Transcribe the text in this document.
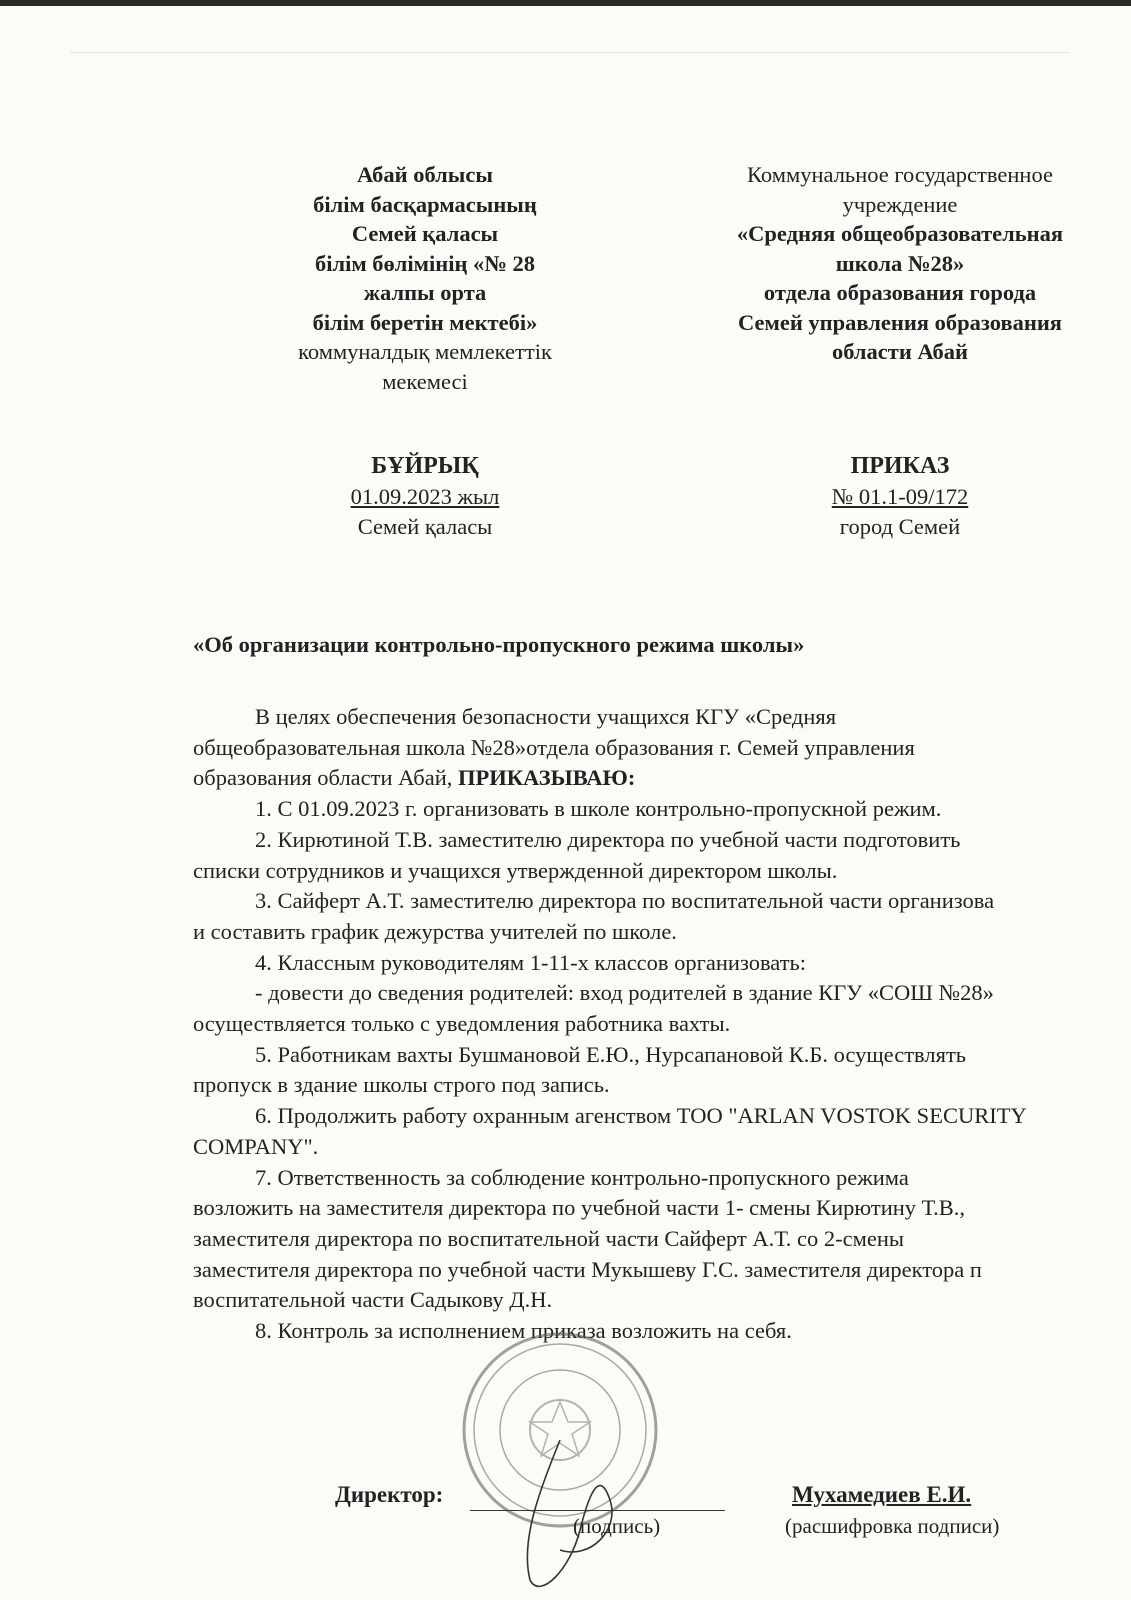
Абай облысы
білім басқармасының
Семей қаласы
білім бөлімінің «№ 28
жалпы орта
білім беретін мектебі»
коммуналдық мемлекеттік
мекемесі
Коммунальное государственное
учреждение
«Средняя общеобразовательная
школа №28»
отдела образования города
Семей управления образования
области Абай
БҰЙРЫҚ
01.09.2023 жыл
Семей қаласы
ПРИКАЗ
№ 01.1-09/172
город Семей
«Об организации контрольно-пропускного режима школы»

В целях обеспечения безопасности учащихся КГУ «Средняя

общеобразовательная школа №28»отдела образования г. Семей управления

образования области Абай, ПРИКАЗЫВАЮ:

1. С 01.09.2023 г. организовать в школе контрольно-пропускной режим.

2. Кирютиной Т.В. заместителю директора по учебной части подготовить

списки сотрудников и учащихся утвержденной директором школы.

3. Сайферт А.Т. заместителю директора по воспитательной части организова

и составить график дежурства учителей по школе.

4. Классным руководителям 1-11-х классов организовать:

- довести до сведения родителей: вход родителей в здание КГУ «СОШ №28»

осуществляется только с уведомления работника вахты.

5. Работникам вахты Бушмановой Е.Ю., Нурсапановой К.Б. осуществлять

пропуск в здание школы строго под запись.

6. Продолжить работу охранным агенством ТОО "ARLAN VOSTOK SECURITY

COMPANY".

7. Ответственность за соблюдение контрольно-пропускного режима

возложить на заместителя директора по учебной части 1- смены Кирютину Т.В.,

заместителя директора по воспитательной части Сайферт А.Т. со 2-смены

заместителя директора по учебной части Мукышеву Г.С. заместителя директора п

воспитательной части Садыкову Д.Н.

8. Контроль за исполнением приказа возложить на себя.

Директор:
(подпись)
Мухамедиев Е.И.
(расшифровка подписи)
